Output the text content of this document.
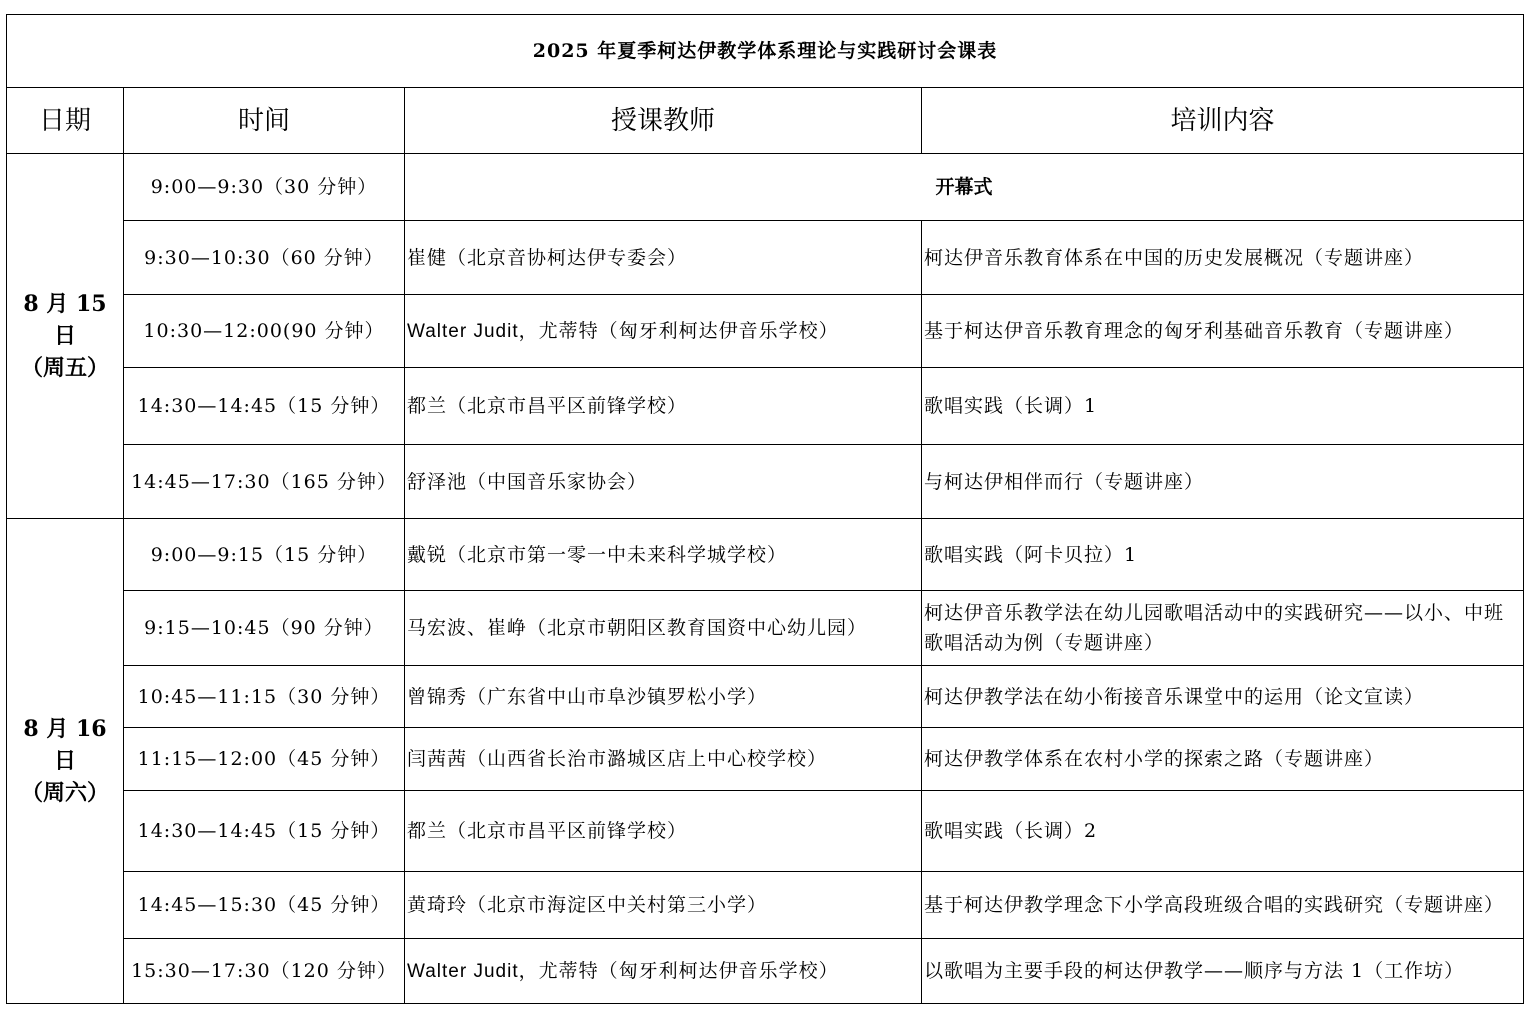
2025 年夏季柯达伊教学体系理论与实践研讨会课表			
日期	时间	授课教师	培训内容

8 月 15 日
（周五）	9:00—9:30（30 分钟）	开幕式	
	9:30—10:30（60 分钟）	崔健（北京音协柯达伊专委会）	柯达伊音乐教育体系在中国的历史发展概况（专题讲座）
	10:30—12:00(90 分钟）	Walter Judit，尤蒂特（匈牙利柯达伊音乐学校）	基于柯达伊音乐教育理念的匈牙利基础音乐教育（专题讲座）
	14:30—14:45（15 分钟）	都兰（北京市昌平区前锋学校）	歌唱实践（长调）1
	14:45—17:30（165 分钟）	舒泽池（中国音乐家协会）	与柯达伊相伴而行（专题讲座）

8 月 16 日
（周六）	9:00—9:15（15 分钟）	戴锐（北京市第一零一中未来科学城学校）	歌唱实践（阿卡贝拉）1
	9:15—10:45（90 分钟）	马宏波、崔峥（北京市朝阳区教育国资中心幼儿园）	柯达伊音乐教学法在幼儿园歌唱活动中的实践研究——以小、中班歌唱活动为例（专题讲座）
	10:45—11:15（30 分钟）	曾锦秀（广东省中山市阜沙镇罗松小学）	柯达伊教学法在幼小衔接音乐课堂中的运用（论文宣读）
	11:15—12:00（45 分钟）	闫茜茜（山西省长治市潞城区店上中心校学校）	柯达伊教学体系在农村小学的探索之路（专题讲座）
	14:30—14:45（15 分钟）	都兰（北京市昌平区前锋学校）	歌唱实践（长调）2
	14:45—15:30（45 分钟）	黄琦玲（北京市海淀区中关村第三小学）	基于柯达伊教学理念下小学高段班级合唱的实践研究（专题讲座）
	15:30—17:30（120 分钟）	Walter Judit，尤蒂特（匈牙利柯达伊音乐学校）	以歌唱为主要手段的柯达伊教学——顺序与方法 1（工作坊）
